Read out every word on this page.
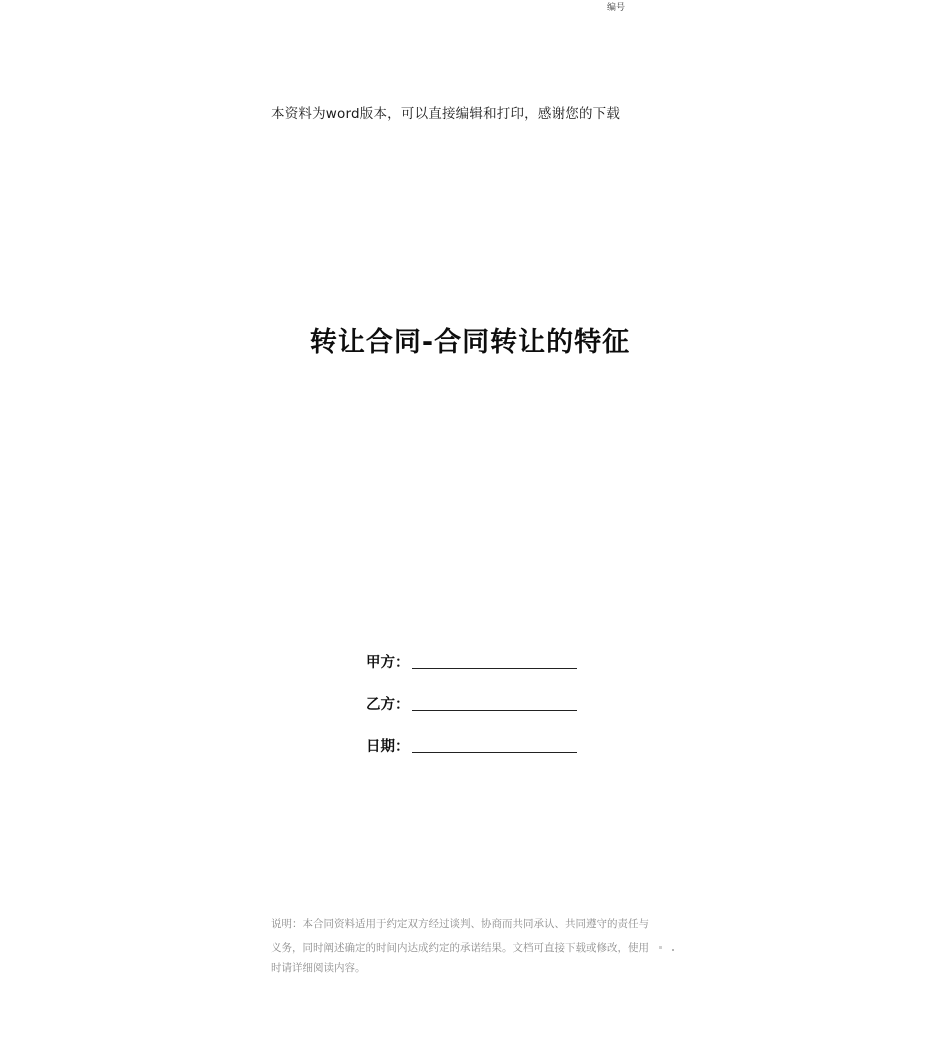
编号
本资料为word版本，可以直接编辑和打印，感谢您的下载
转让合同-合同转让的特征
甲方：
乙方：
日期：
说明：本合同资料适用于约定双方经过谈判、协商而共同承认、共同遵守的责任与
义务，同时阐述确定的时间内达成约定的承诺结果。文档可直接下载或修改，使用
时请详细阅读内容。
